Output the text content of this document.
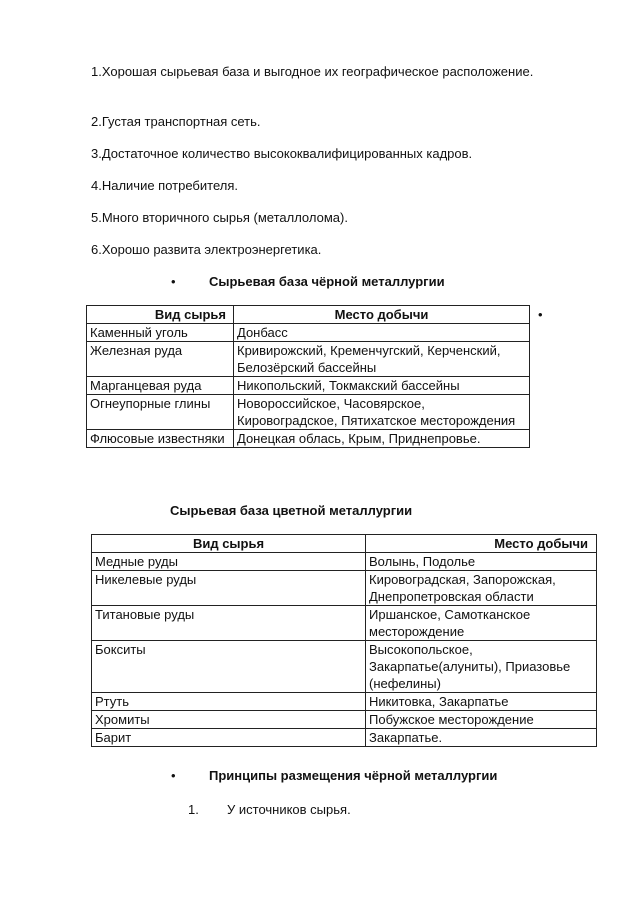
1.Хорошая сырьевая база и выгодное их географическое расположение.

2.Густая транспортная сеть.

3.Достаточное количество высококвалифицированных кадров.

4.Наличие потребителя.

5.Много вторичного сырья (металлолома).

6.Хорошо развита электроэнергетика.

•	Сырьевая база чёрной металлургии
•
Вид сырья	Место добычи
Каменный уголь	Донбасс
Железная руда	Кривирожский, Кременчугский, Керченский, Белозёрский бассейны
Марганцевая руда	Никопольский, Токмакский бассейны
Огнеупорные глины	Новороссийское, Часовярское, Кировоградское, Пятихатское месторождения
Флюсовые известняки	Донецкая облась, Крым, Приднепровье.
Сырьевая база цветной металлургии
Вид сырья	Место добычи
Медные руды	Волынь, Подолье
Никелевые руды	Кировоградская, Запорожская, Днепропетровская области
Титановые руды	Иршанское, Самотканское месторождение
Бокситы	Высокопольское, Закарпатье(алуниты), Приазовье (нефелины)
Ртуть	Никитовка, Закарпатье
Хромиты	Побужское месторождение
Барит	Закарпатье.
•	Принципы размещения чёрной металлургии
1.	У источников сырья.
